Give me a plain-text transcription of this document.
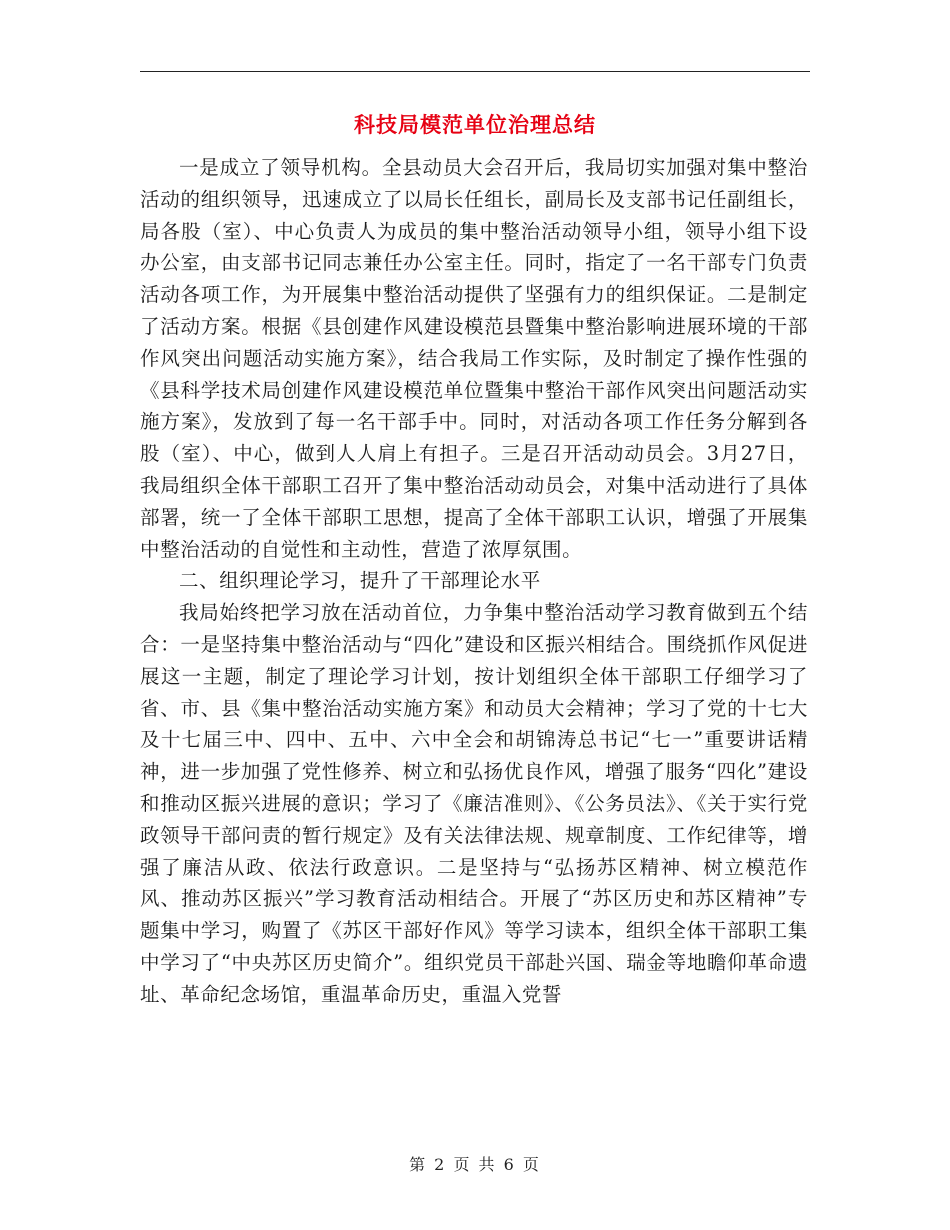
科技局模范单位治理总结

一是成立了领导机构。全县动员大会召开后，我局切实加强对集中整治活动的组织领导，迅速成立了以局长任组长，副局长及支部书记任副组长，局各股（室）、中心负责人为成员的集中整治活动领导小组，领导小组下设办公室，由支部书记同志兼任办公室主任。同时，指定了一名干部专门负责活动各项工作，为开展集中整治活动提供了坚强有力的组织保证。二是制定了活动方案。根据《县创建作风建设模范县暨集中整治影响进展环境的干部作风突出问题活动实施方案》，结合我局工作实际，及时制定了操作性强的《县科学技术局创建作风建设模范单位暨集中整治干部作风突出问题活动实施方案》，发放到了每一名干部手中。同时，对活动各项工作任务分解到各股（室）、中心，做到人人肩上有担子。三是召开活动动员会。3月27日，我局组织全体干部职工召开了集中整治活动动员会，对集中活动进行了具体部署，统一了全体干部职工思想，提高了全体干部职工认识，增强了开展集中整治活动的自觉性和主动性，营造了浓厚氛围。

二、组织理论学习，提升了干部理论水平

我局始终把学习放在活动首位，力争集中整治活动学习教育做到五个结合：一是坚持集中整治活动与“四化”建设和区振兴相结合。围绕抓作风促进展这一主题，制定了理论学习计划，按计划组织全体干部职工仔细学习了省、市、县《集中整治活动实施方案》和动员大会精神；学习了党的十七大及十七届三中、四中、五中、六中全会和胡锦涛总书记“七一”重要讲话精神，进一步加强了党性修养、树立和弘扬优良作风，增强了服务“四化”建设和推动区振兴进展的意识；学习了《廉洁准则》、《公务员法》、《关于实行党政领导干部问责的暂行规定》及有关法律法规、规章制度、工作纪律等，增强了廉洁从政、依法行政意识。二是坚持与“弘扬苏区精神、树立模范作风、推动苏区振兴”学习教育活动相结合。开展了“苏区历史和苏区精神”专题集中学习，购置了《苏区干部好作风》等学习读本，组织全体干部职工集中学习了“中央苏区历史简介”。组织党员干部赴兴国、瑞金等地瞻仰革命遗址、革命纪念场馆，重温革命历史，重温入党誓

第 2 页 共 6 页
